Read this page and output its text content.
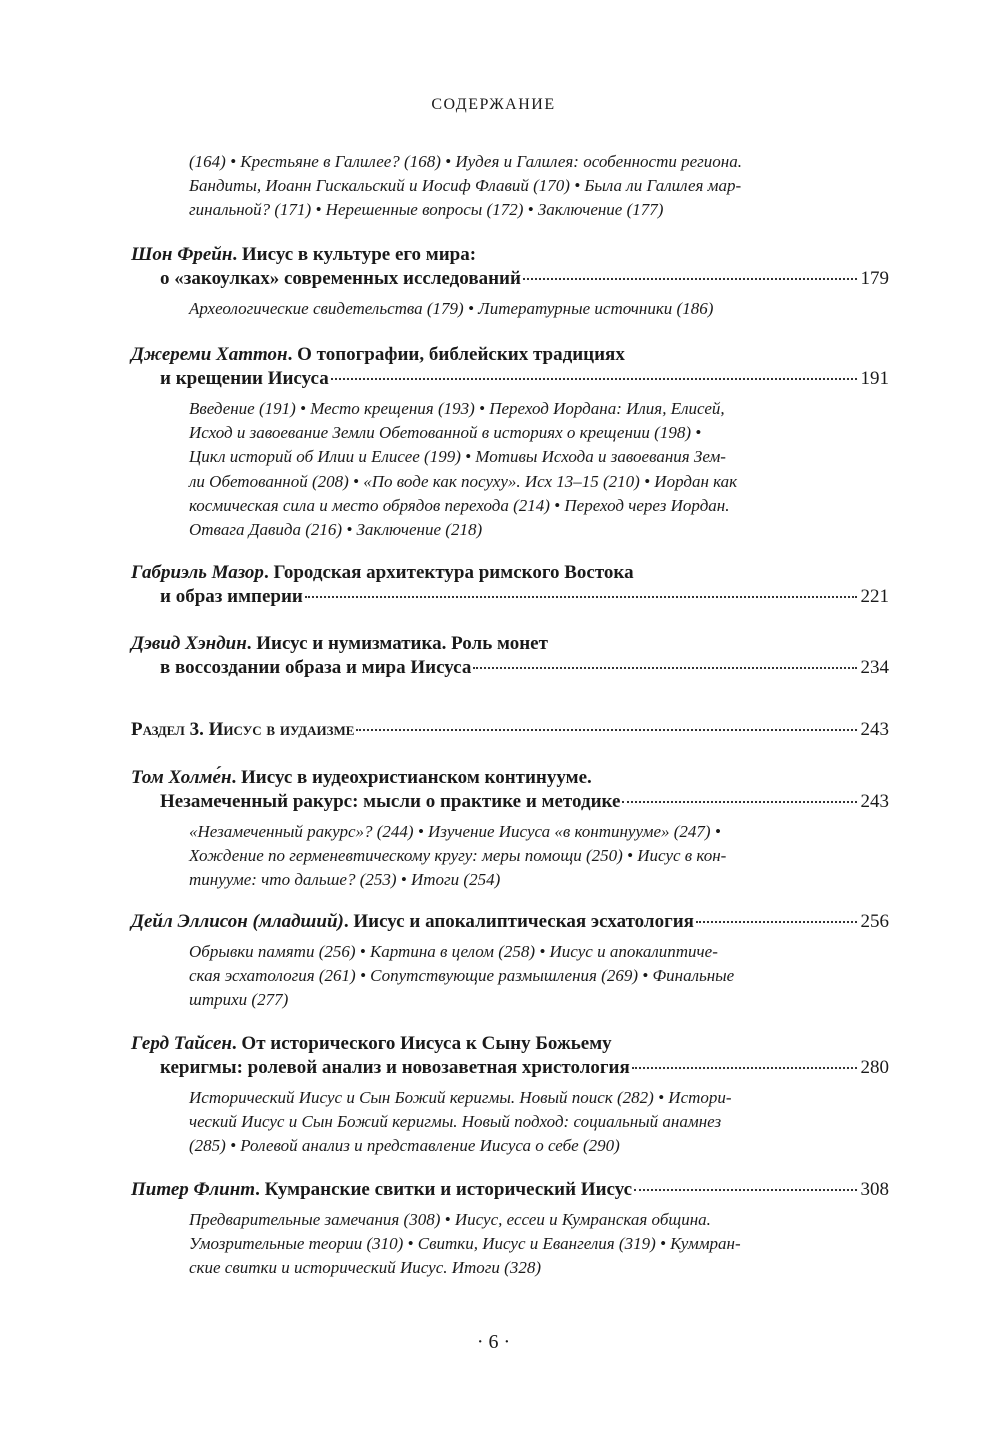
СОДЕРЖАНИЕ
(164) • Крестьяне в Галилее? (168) • Иудея и Галилея: особенности региона.
Бандиты, Иоанн Гискальский и Иосиф Флавий (170) • Была ли Галилея мар-
гинальной? (171) • Нерешенные вопросы (172) • Заключение (177)
Шон Фрейн. Иисус в культуре его мира:
о «закоулках» современных исследований	179
Археологические свидетельства (179) • Литературные источники (186)
Джереми Хаттон. О топографии, библейских традициях
и крещении Иисуса	191
Введение (191) • Место крещения (193) • Переход Иордана: Илия, Елисей,
Исход и завоевание Земли Обетованной в историях о крещении (198) •
Цикл историй об Илии и Елисее (199) • Мотивы Исхода и завоевания Зем-
ли Обетованной (208) • «По воде как посуху». Исх 13–15 (210) • Иордан как
космическая сила и место обрядов перехода (214) • Переход через Иордан.
Отвага Давида (216) • Заключение (218)
Габриэль Мазор. Городская архитектура римского Востока
и образ империи	221
Дэвид Хэндин. Иисус и нумизматика. Роль монет
в воссоздании образа и мира Иисуса	234
Раздел 3.
Иисус в иудаизме	243
Том Холме́н. Иисус в иудеохристианском континууме.
Незамеченный ракурс: мысли о практике и методике	243
«Незамеченный ракурс»? (244) • Изучение Иисуса «в континууме» (247) •
Хождение по герменевтическому кругу: меры помощи (250) • Иисус в кон-
тинууме: что дальше? (253) • Итоги (254)
Дейл Эллисон (младший) . Иисус и апокалиптическая эсхатология	256
Обрывки памяти (256) • Картина в целом (258) • Иисус и апокалиптиче-
ская эсхатология (261) • Сопутствующие размышления (269) • Финальные
штрихи (277)
Герд Тайсен. От исторического Иисуса к Сыну Божьему
керигмы: ролевой анализ и новозаветная христология	280
Исторический Иисус и Сын Божий керигмы. Новый поиск (282) • Истори-
ческий Иисус и Сын Божий керигмы. Новый подход: социальный анамнез
(285) • Ролевой анализ и представление Иисуса о себе (290)
Питер Флинт . Кумранские свитки и исторический Иисус	308
Предварительные замечания (308) • Иисус, ессеи и Кумранская община.
Умозрительные теории (310) • Свитки, Иисус и Евангелия (319) • Куммран-
ские свитки и исторический Иисус. Итоги (328)
· 6 ·
